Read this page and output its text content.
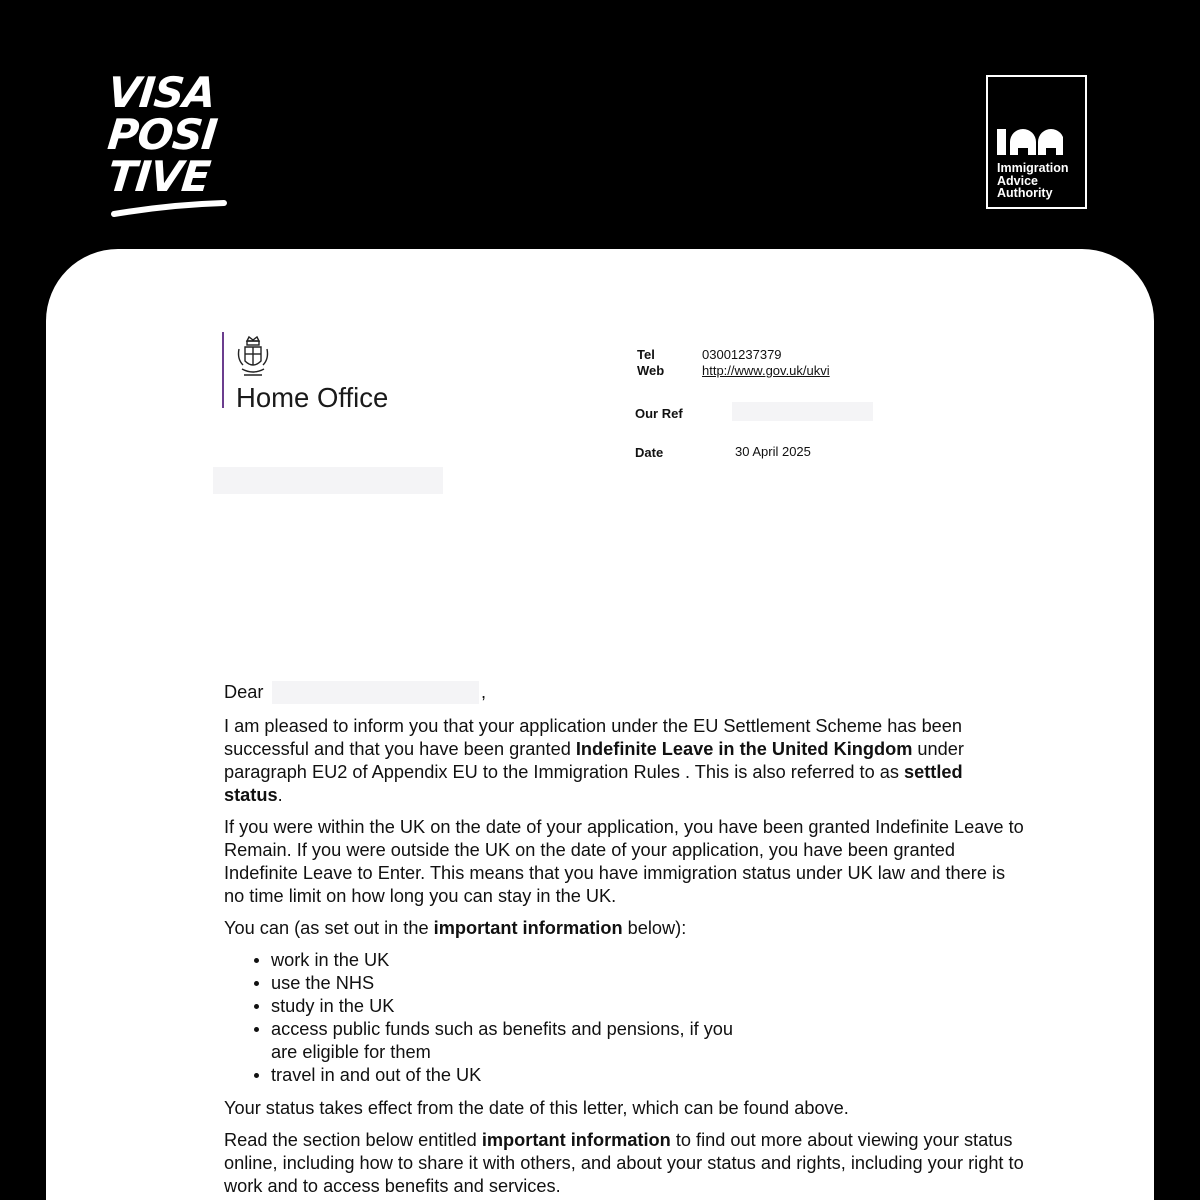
VISA
POSI
TIVE	Immigration
Advice
Authority
Home Office
Tel	03001237379
Web	http://www.gov.uk/ukvi
Our Ref
Date	30 April 2025
Dear	,

I am pleased to inform you that your application under the EU Settlement Scheme has been successful and that you have been granted Indefinite Leave in the United Kingdom under paragraph EU2 of Appendix EU to the Immigration Rules . This is also referred to as settled status.

If you were within the UK on the date of your application, you have been granted Indefinite Leave to Remain. If you were outside the UK on the date of your application, you have been granted Indefinite Leave to Enter. This means that you have immigration status under UK law and there is no time limit on how long you can stay in the UK.

You can (as set out in the important information below):

work in the UK
use the NHS
study in the UK
access public funds such as benefits and pensions, if you are eligible for them
travel in and out of the UK

Your status takes effect from the date of this letter, which can be found above.

Read the section below entitled important information to find out more about viewing your status online, including how to share it with others, and about your status and rights, including your right to work and to access benefits and services.
